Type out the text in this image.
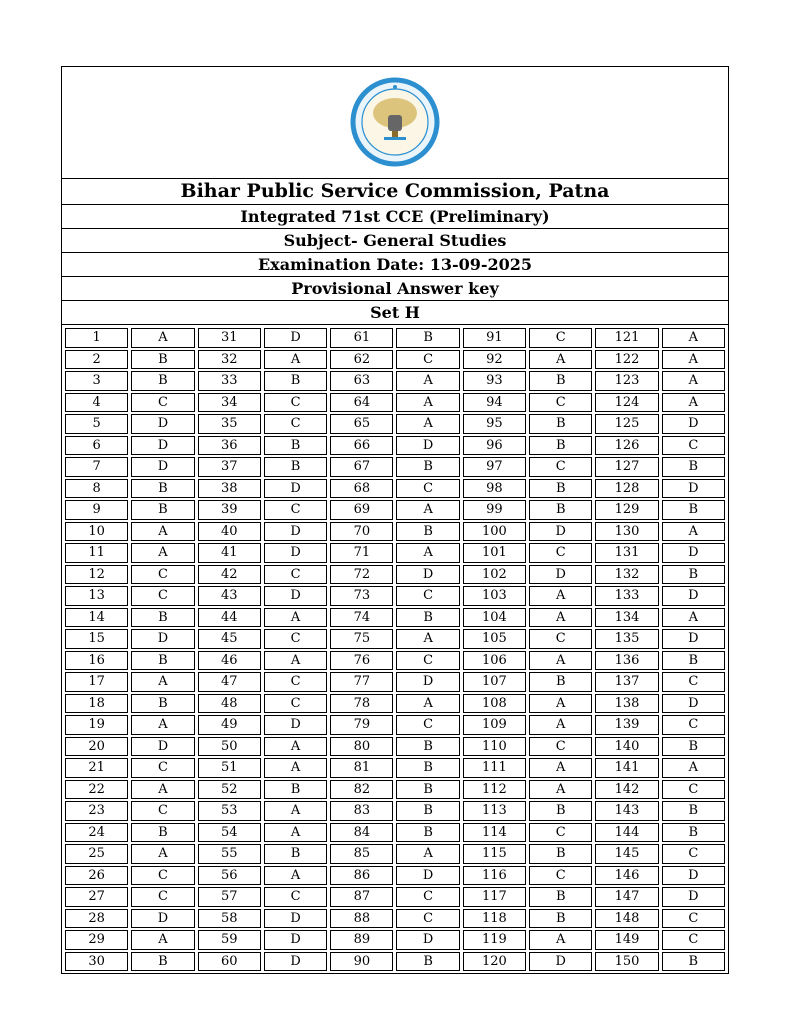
Bihar Public Service Commission, Patna
Integrated 71st CCE (Preliminary)
Subject- General Studies
Examination Date: 13-09-2025
Provisional Answer key
Set H
1	A	31	D	61	B	91	C	121	A
2	B	32	A	62	C	92	A	122	A
3	B	33	B	63	A	93	B	123	A
4	C	34	C	64	A	94	C	124	A
5	D	35	C	65	A	95	B	125	D
6	D	36	B	66	D	96	B	126	C
7	D	37	B	67	B	97	C	127	B
8	B	38	D	68	C	98	B	128	D
9	B	39	C	69	A	99	B	129	B
10	A	40	D	70	B	100	D	130	A
11	A	41	D	71	A	101	C	131	D
12	C	42	C	72	D	102	D	132	B
13	C	43	D	73	C	103	A	133	D
14	B	44	A	74	B	104	A	134	A
15	D	45	C	75	A	105	C	135	D
16	B	46	A	76	C	106	A	136	B
17	A	47	C	77	D	107	B	137	C
18	B	48	C	78	A	108	A	138	D
19	A	49	D	79	C	109	A	139	C
20	D	50	A	80	B	110	C	140	B
21	C	51	A	81	B	111	A	141	A
22	A	52	B	82	B	112	A	142	C
23	C	53	A	83	B	113	B	143	B
24	B	54	A	84	B	114	C	144	B
25	A	55	B	85	A	115	B	145	C
26	C	56	A	86	D	116	C	146	D
27	C	57	C	87	C	117	B	147	D
28	D	58	D	88	C	118	B	148	C
29	A	59	D	89	D	119	A	149	C
30	B	60	D	90	B	120	D	150	B
